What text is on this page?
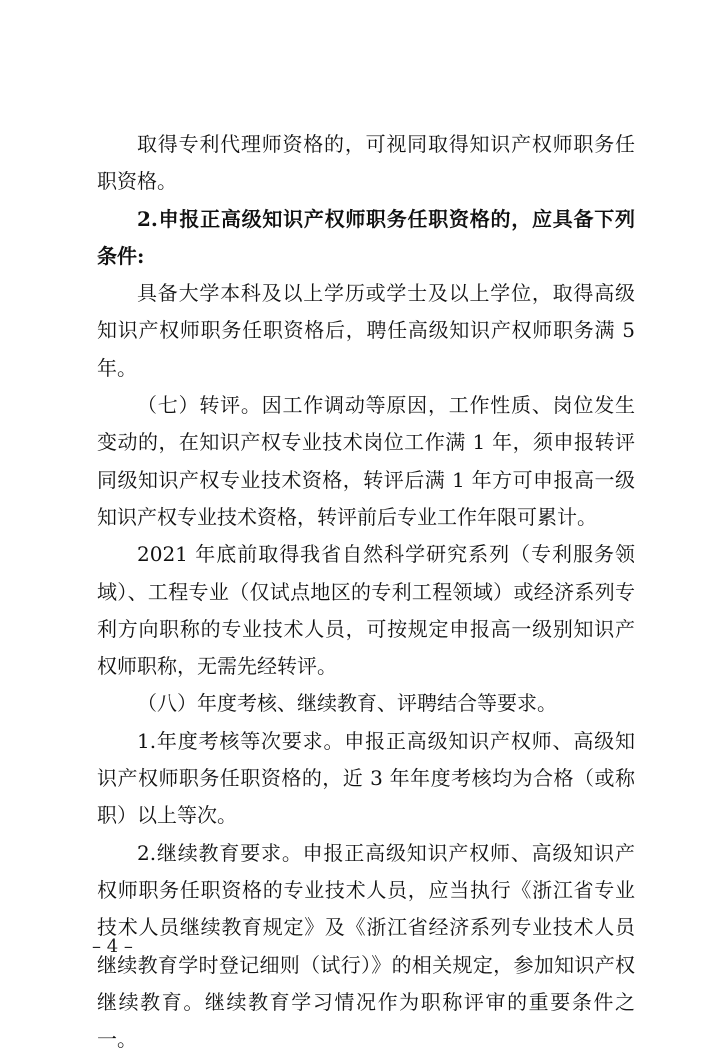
取得专利代理师资格的，可视同取得知识产权师职务任职资格。

2.申报正高级知识产权师职务任职资格的，应具备下列条件:

具备大学本科及以上学历或学士及以上学位，取得高级知识产权师职务任职资格后，聘任高级知识产权师职务满 5 年。

（七）转评。因工作调动等原因，工作性质、岗位发生变动的，在知识产权专业技术岗位工作满 1 年，须申报转评同级知识产权专业技术资格，转评后满 1 年方可申报高一级知识产权专业技术资格，转评前后专业工作年限可累计。

2021 年底前取得我省自然科学研究系列（专利服务领域）、工程专业（仅试点地区的专利工程领域）或经济系列专利方向职称的专业技术人员，可按规定申报高一级别知识产权师职称，无需先经转评。

（八）年度考核、继续教育、评聘结合等要求。

1.年度考核等次要求。申报正高级知识产权师、高级知识产权师职务任职资格的，近 3 年年度考核均为合格（或称职）以上等次。

2.继续教育要求。申报正高级知识产权师、高级知识产权师职务任职资格的专业技术人员，应当执行《浙江省专业技术人员继续教育规定》及《浙江省经济系列专业技术人员继续教育学时登记细则（试行）》的相关规定，参加知识产权继续教育。继续教育学习情况作为职称评审的重要条件之一。

– 4 –
